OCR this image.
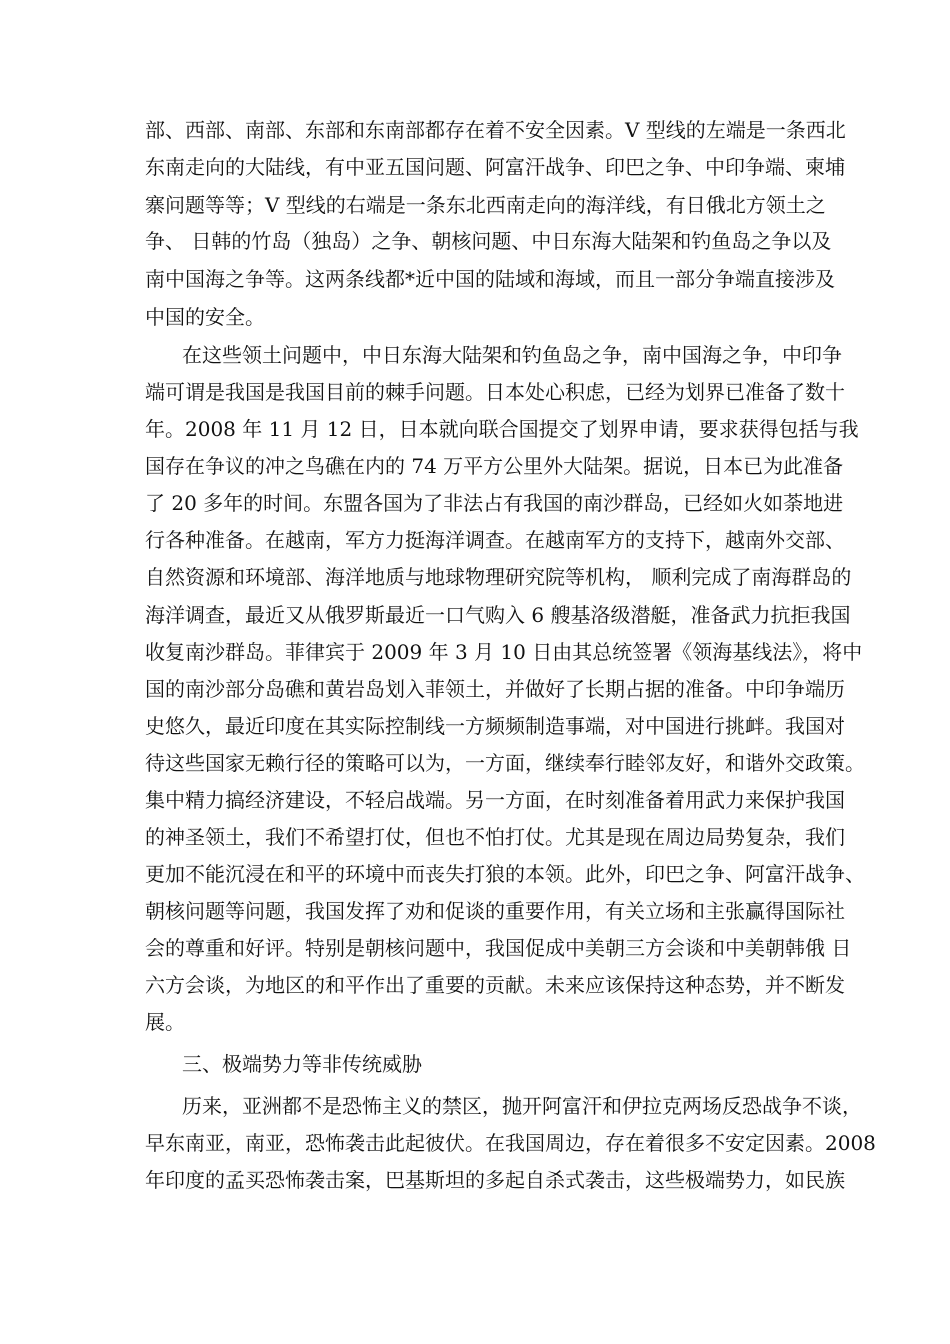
部、西部、南部、东部和东南部都存在着不安全因素。V 型线的左端是一条西北
东南走向的大陆线，有中亚五国问题、阿富汗战争、印巴之争、中印争端、柬埔
寨问题等等；V 型线的右端是一条东北西南走向的海洋线，有日俄北方领土之
争、 日韩的竹岛（独岛）之争、朝核问题、中日东海大陆架和钓鱼岛之争以及
南中国海之争等。这两条线都*近中国的陆域和海域，而且一部分争端直接涉及
中国的安全。
在这些领土问题中，中日东海大陆架和钓鱼岛之争，南中国海之争，中印争
端可谓是我国是我国目前的棘手问题。日本处心积虑，已经为划界已准备了数十
年。2008 年 11 月 12 日，日本就向联合国提交了划界申请，要求获得包括与我
国存在争议的冲之鸟礁在内的 74 万平方公里外大陆架。据说，日本已为此准备
了 20 多年的时间。东盟各国为了非法占有我国的南沙群岛，已经如火如荼地进
行各种准备。在越南，军方力挺海洋调查。在越南军方的支持下，越南外交部、
自然资源和环境部、海洋地质与地球物理研究院等机构， 顺利完成了南海群岛的
海洋调查，最近又从俄罗斯最近一口气购入 6 艘基洛级潜艇，准备武力抗拒我国
收复南沙群岛。菲律宾于 2009 年 3 月 10 日由其总统签署《领海基线法》，将中
国的南沙部分岛礁和黄岩岛划入菲领土，并做好了长期占据的准备。中印争端历
史悠久，最近印度在其实际控制线一方频频制造事端，对中国进行挑衅。我国对
待这些国家无赖行径的策略可以为，一方面，继续奉行睦邻友好，和谐外交政策。
集中精力搞经济建设，不轻启战端。另一方面，在时刻准备着用武力来保护我国
的神圣领土，我们不希望打仗，但也不怕打仗。尤其是现在周边局势复杂，我们
更加不能沉浸在和平的环境中而丧失打狼的本领。此外，印巴之争、阿富汗战争、
朝核问题等问题，我国发挥了劝和促谈的重要作用，有关立场和主张赢得国际社
会的尊重和好评。特别是朝核问题中，我国促成中美朝三方会谈和中美朝韩俄 日
六方会谈，为地区的和平作出了重要的贡献。未来应该保持这种态势，并不断发
展。
三、极端势力等非传统威胁
历来，亚洲都不是恐怖主义的禁区，抛开阿富汗和伊拉克两场反恐战争不谈，
早东南亚，南亚，恐怖袭击此起彼伏。在我国周边，存在着很多不安定因素。2008
年印度的孟买恐怖袭击案，巴基斯坦的多起自杀式袭击，这些极端势力，如民族
